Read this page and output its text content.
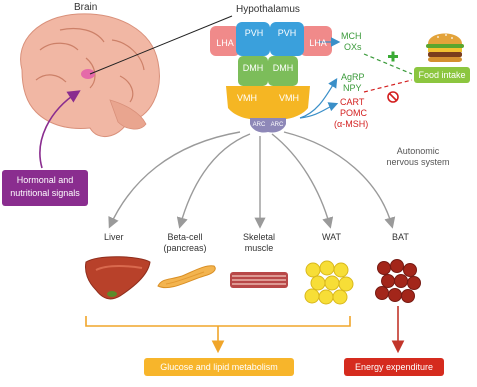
Brain	Hypothalamus
PVH	PVH
LHA	LHA
DMH	DMH
VMH	VMH
ARC ARC
MCH
OXs
AgRP
NPY
CART
POMC
(α-MSH)
Food intake
Hormonal and nutritional signals
Autonomic nervous system
Liver	Beta-cell (pancreas)
Skeletal muscle
WAT	BAT
Glucose and lipid metabolism	Energy expenditure
